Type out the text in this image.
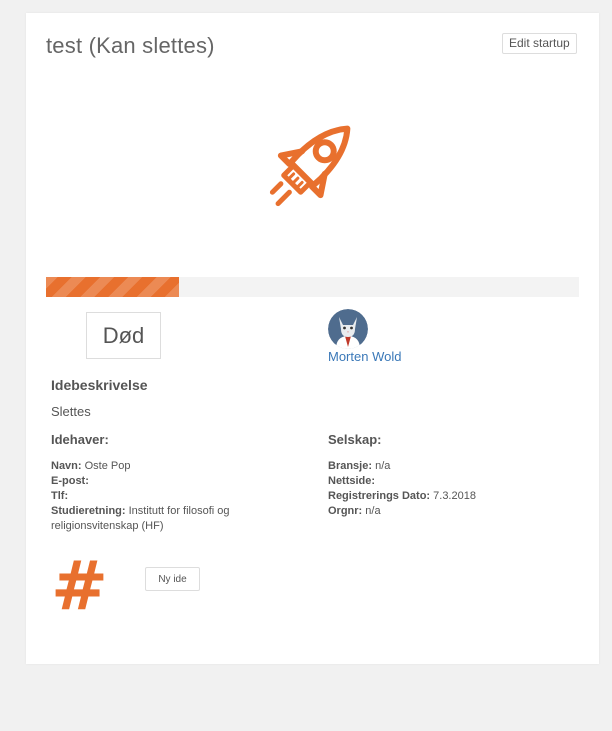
test (Kan slettes)	Edit startup
Død
Morten Wold
Idebeskrivelse
Slettes
Idehaver:	Selskap:
Navn: Oste Pop
E-post:
Tlf:
Studieretning: Institutt for filosofi og religionsvitenskap (HF)
Bransje: n/a
Nettside:
Registrerings Dato: 7.3.2018
Orgnr: n/a
#	Ny ide
